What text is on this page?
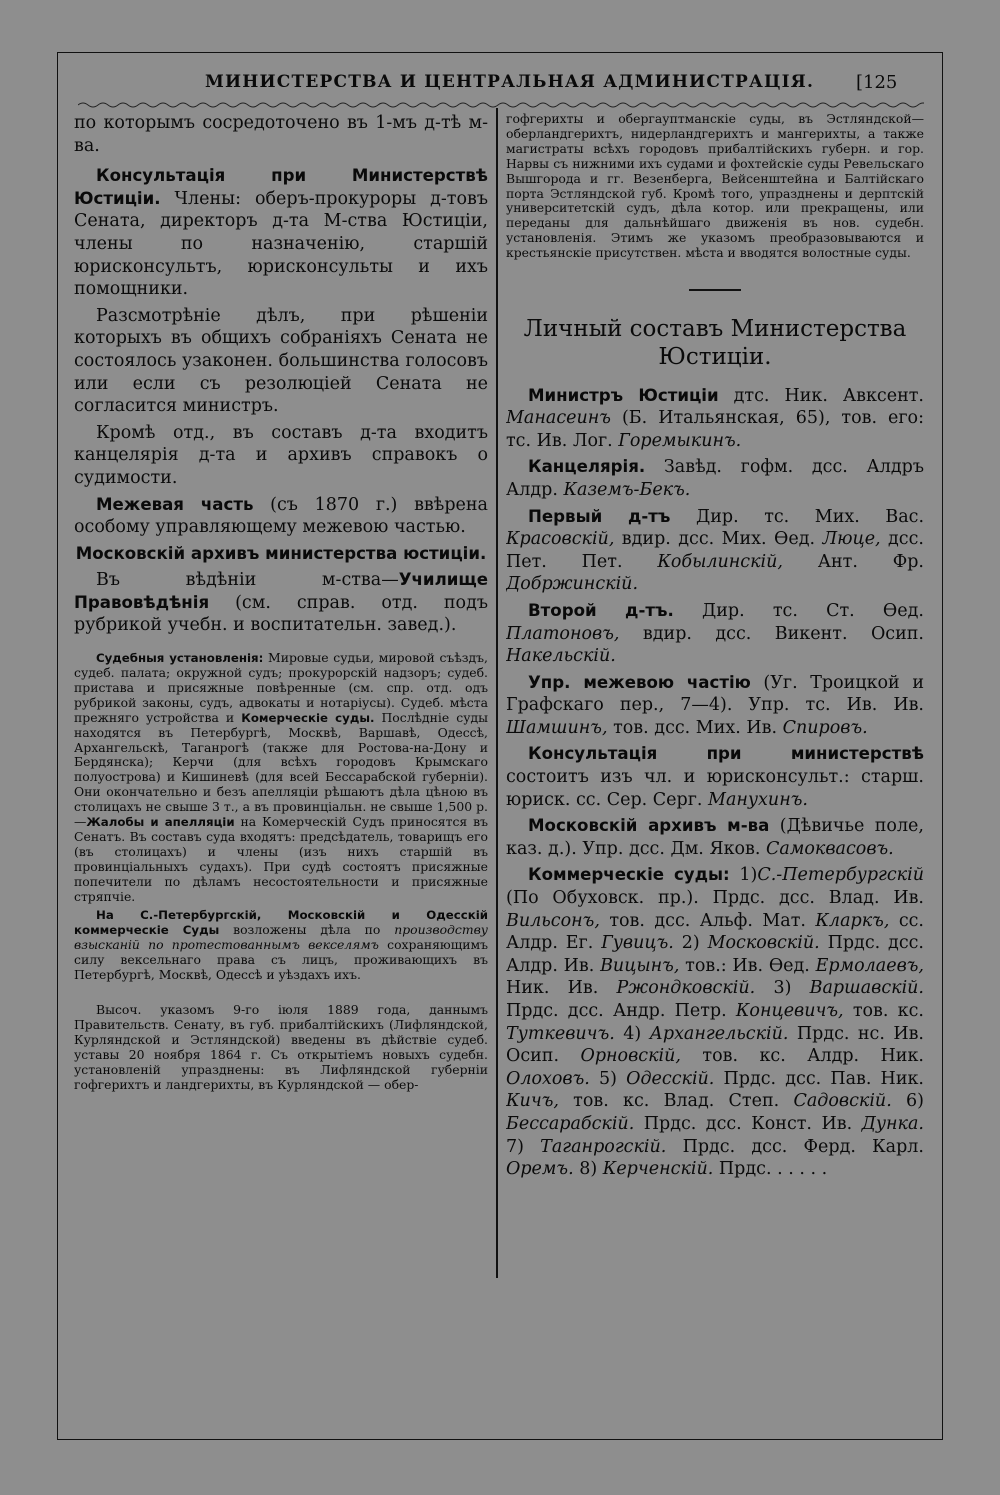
МИНИСТЕРСТВА И ЦЕНТРАЛЬНАЯ АДМИНИСТРАЦІЯ. [125

по которымъ сосредоточено въ 1-мъ д-тѣ м-ва.

Консультація при Министерствѣ Юстиціи. Члены: оберъ-прокуроры д-товъ Сената, директоръ д-та М-ства Юстиціи, члены по назначенію, старшій юрисконсультъ, юрисконсульты и ихъ помощники.

Разсмотрѣніе дѣлъ, при рѣшеніи которыхъ въ общихъ собраніяхъ Сената не состоялось узаконен. большинства голосовъ или если съ резолюціей Сената не согласится министръ.

Кромѣ отд., въ составъ д-та входитъ канцелярія д-та и архивъ справокъ о судимости.

Межевая часть (съ 1870 г.) ввѣрена особому управляющему межевою частью.

Московскій архивъ министерства юстиціи.

Въ вѣдѣніи м-ства—Училище Правовѣдѣнія (см. справ. отд. подъ рубрикой учебн. и воспитательн. завед.).

Судебныя установленія: Мировые судьи, мировой съѣздъ, судеб. палата; окружной судъ; прокурорскій надзоръ; судеб. пристава и присяжные повѣренные (см. спр. отд. одъ рубрикой законы, судъ, адвокаты и нотаріусы). Судеб. мѣста прежняго устройства и Комерческіе суды. Послѣдніе суды находятся въ Петербургѣ, Москвѣ, Варшавѣ, Одессѣ, Архангельскѣ, Таганрогѣ (также для Ростова-на-Дону и Бердянска); Керчи (для всѣхъ городовъ Крымскаго полуострова) и Кишиневѣ (для всей Бессарабской губерніи). Они окончательно и безъ апелляціи рѣшаютъ дѣла цѣною въ столицахъ не свыше 3 т., а въ провинціальн. не свыше 1,500 р.—Жалобы и апелляціи на Комерческій Судъ приносятся въ Сенатъ. Въ составъ суда входятъ: предсѣдатель, товарищъ его (въ столицахъ) и члены (изъ нихъ старшій въ провинціальныхъ судахъ). При судѣ состоятъ присяжные попечители по дѣламъ несостоятельности и присяжные стряпчіе.

На С.-Петербургскій, Московскій и Одесскій коммерческіе Суды возложены дѣла по производству взысканій по протестованнымъ векселямъ сохраняющимъ силу вексельнаго права съ лицъ, проживающихъ въ Петербургѣ, Москвѣ, Одессѣ и уѣздахъ ихъ.

Высоч. указомъ 9-го іюля 1889 года, даннымъ Правительств. Сенату, въ губ. прибалтійскихъ (Лифляндской, Курляндской и Эстляндской) введены въ дѣйствіе судеб. уставы 20 ноября 1864 г. Съ открытіемъ новыхъ судебн. установленій упразднены: въ Лифляндской губерніи гофгерихтъ и ландгерихты, въ Курляндской — обер-

гофгерихты и обергауптманскіе суды, въ Эстляндской—оберландгерихтъ, нидерландгерихтъ и мангерихты, а также магистраты всѣхъ городовъ прибалтійскихъ губерн. и гор. Нарвы съ нижними ихъ судами и фохтейскіе суды Ревельскаго Вышгорода и гг. Везенберга, Вейсенштейна и Балтійскаго порта Эстляндской губ. Кромѣ того, упразднены и дерптскій университетскій судъ, дѣла котор. или прекращены, или переданы для дальнѣйшаго движенія въ нов. судебн. установленія. Этимъ же указомъ преобразовываются и крестьянскіе присутствен. мѣста и вводятся волостные суды.

Личный составъ Министерства
Юстиціи.

Министръ Юстиціи дтс. Ник. Авксент. Манасеинъ (Б. Итальянская, 65), тов. его: тс. Ив. Лог. Горемыкинъ.

Канцелярія. Завѣд. гофм. дсс. Алдръ Алдр. Каземъ-Бекъ.

Первый д-тъ Дир. тс. Мих. Вас. Красовскій, вдир. дсс. Мих. Ѳед. Люце, дсс. Пет. Пет. Кобылинскій, Ант. Фр. Добржинскій.

Второй д-тъ. Дир. тс. Ст. Ѳед. Платоновъ, вдир. дсс. Викент. Осип. Накельскій.

Упр. межевою частію (Уг. Троицкой и Графскаго пер., 7—4). Упр. тс. Ив. Ив. Шамшинъ, тов. дсс. Мих. Ив. Спировъ.

Консультація при министерствѣ состоитъ изъ чл. и юрисконсульт.: старш. юриск. сс. Сер. Серг. Манухинъ.

Московскій архивъ м-ва (Дѣвичье поле, каз. д.). Упр. дсс. Дм. Яков. Самоквасовъ.

Коммерческіе суды: 1)С.-Петербургскій (По Обуховск. пр.). Прдс. дсс. Влад. Ив. Вильсонъ, тов. дсс. Альф. Мат. Кларкъ, сс. Алдр. Ег. Гувицъ. 2) Московскій. Прдс. дсс. Алдр. Ив. Вицынъ, тов.: Ив. Ѳед. Ермолаевъ, Ник. Ив. Ржондковскій. 3) Варшавскій. Прдс. дсс. Андр. Петр. Концевичъ, тов. кс. Туткевичъ. 4) Архангельскій. Прдс. нс. Ив. Осип. Орновскій, тов. кс. Алдр. Ник. Олоховъ. 5) Одесскій. Прдс. дсс. Пав. Ник. Кичъ, тов. кс. Влад. Степ. Садовскій. 6) Бессарабскій. Прдс. дсс. Конст. Ив. Дунка. 7) Таганрогскій. Прдс. дсс. Ферд. Карл. Оремъ. 8) Керченскій. Прдс. . . . . .
